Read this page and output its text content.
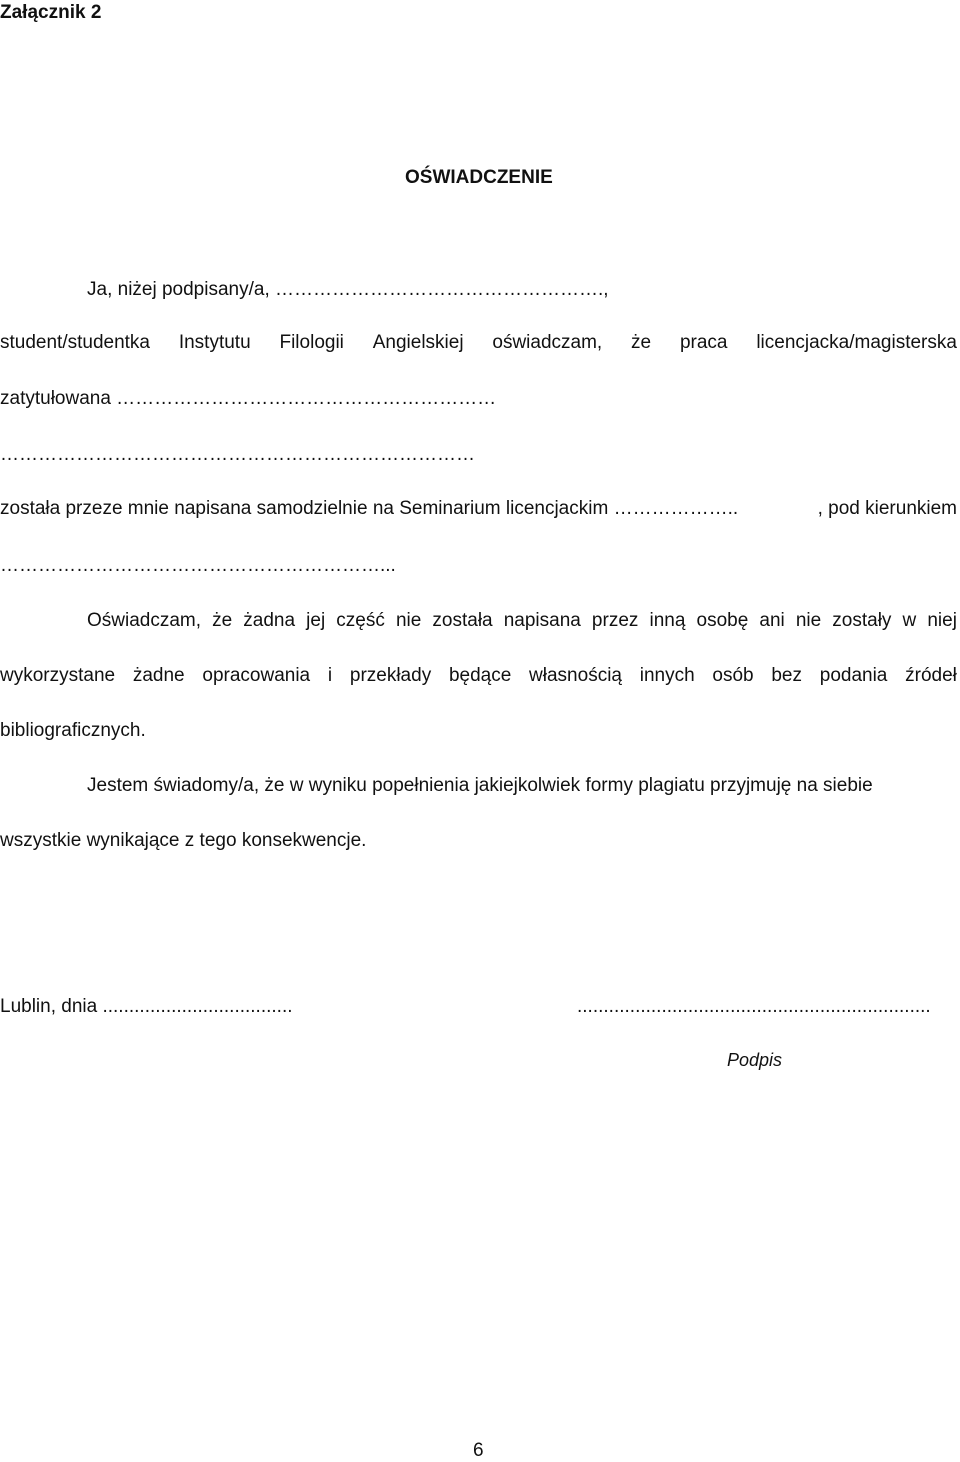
Załącznik 2
OŚWIADCZENIE
Ja, niżej podpisany/a, …………………………………………….,
student/studentka Instytutu Filologii Angielskiej oświadczam, że praca licencjacka/magisterska
zatytułowana ……………………………………………………
…………………………………………………………………
została przeze mnie napisana samodzielnie na Seminarium licencjackim ………………..	, pod kierunkiem
……………………………………………………...
Oświadczam, że żadna jej część nie została napisana przez inną osobę ani nie zostały w niej
wykorzystane żadne opracowania i przekłady będące własnością innych osób bez podania źródeł
bibliograficznych.
Jestem świadomy/a, że w wyniku popełnienia jakiejkolwiek formy plagiatu przyjmuję na siebie
wszystkie wynikające z tego konsekwencje.
Lublin, dnia ....................................	...................................................................
Podpis
6
